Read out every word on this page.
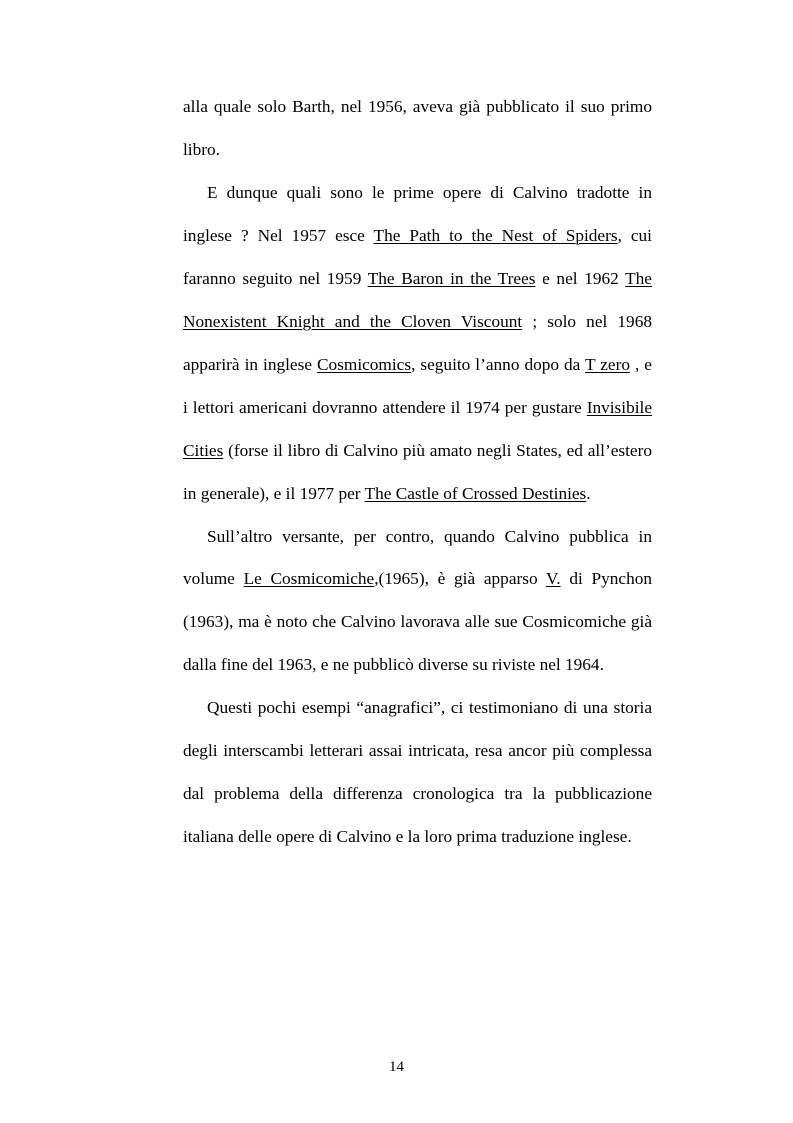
alla quale solo Barth, nel 1956, aveva già pubblicato il suo primo libro.

E dunque quali sono le prime opere di Calvino tradotte in inglese ? Nel 1957 esce The Path to the Nest of Spiders, cui faranno seguito nel 1959 The Baron in the Trees e nel 1962 The Nonexistent Knight and the Cloven Viscount ; solo nel 1968 apparirà in inglese Cosmicomics, seguito l’anno dopo da T zero , e i lettori americani dovranno attendere il 1974 per gustare Invisibile Cities (forse il libro di Calvino più amato negli States, ed all’estero in generale), e il 1977 per The Castle of Crossed Destinies.

Sull’altro versante, per contro, quando Calvino pubblica in volume Le Cosmicomiche,(1965), è già apparso V. di Pynchon (1963), ma è noto che Calvino lavorava alle sue Cosmicomiche già dalla fine del 1963, e ne pubblicò diverse su riviste nel 1964.

Questi pochi esempi “anagrafici”, ci testimoniano di una storia degli interscambi letterari assai intricata, resa ancor più complessa dal problema della differenza cronologica tra la pubblicazione italiana delle opere di Calvino e la loro prima traduzione inglese.

14
